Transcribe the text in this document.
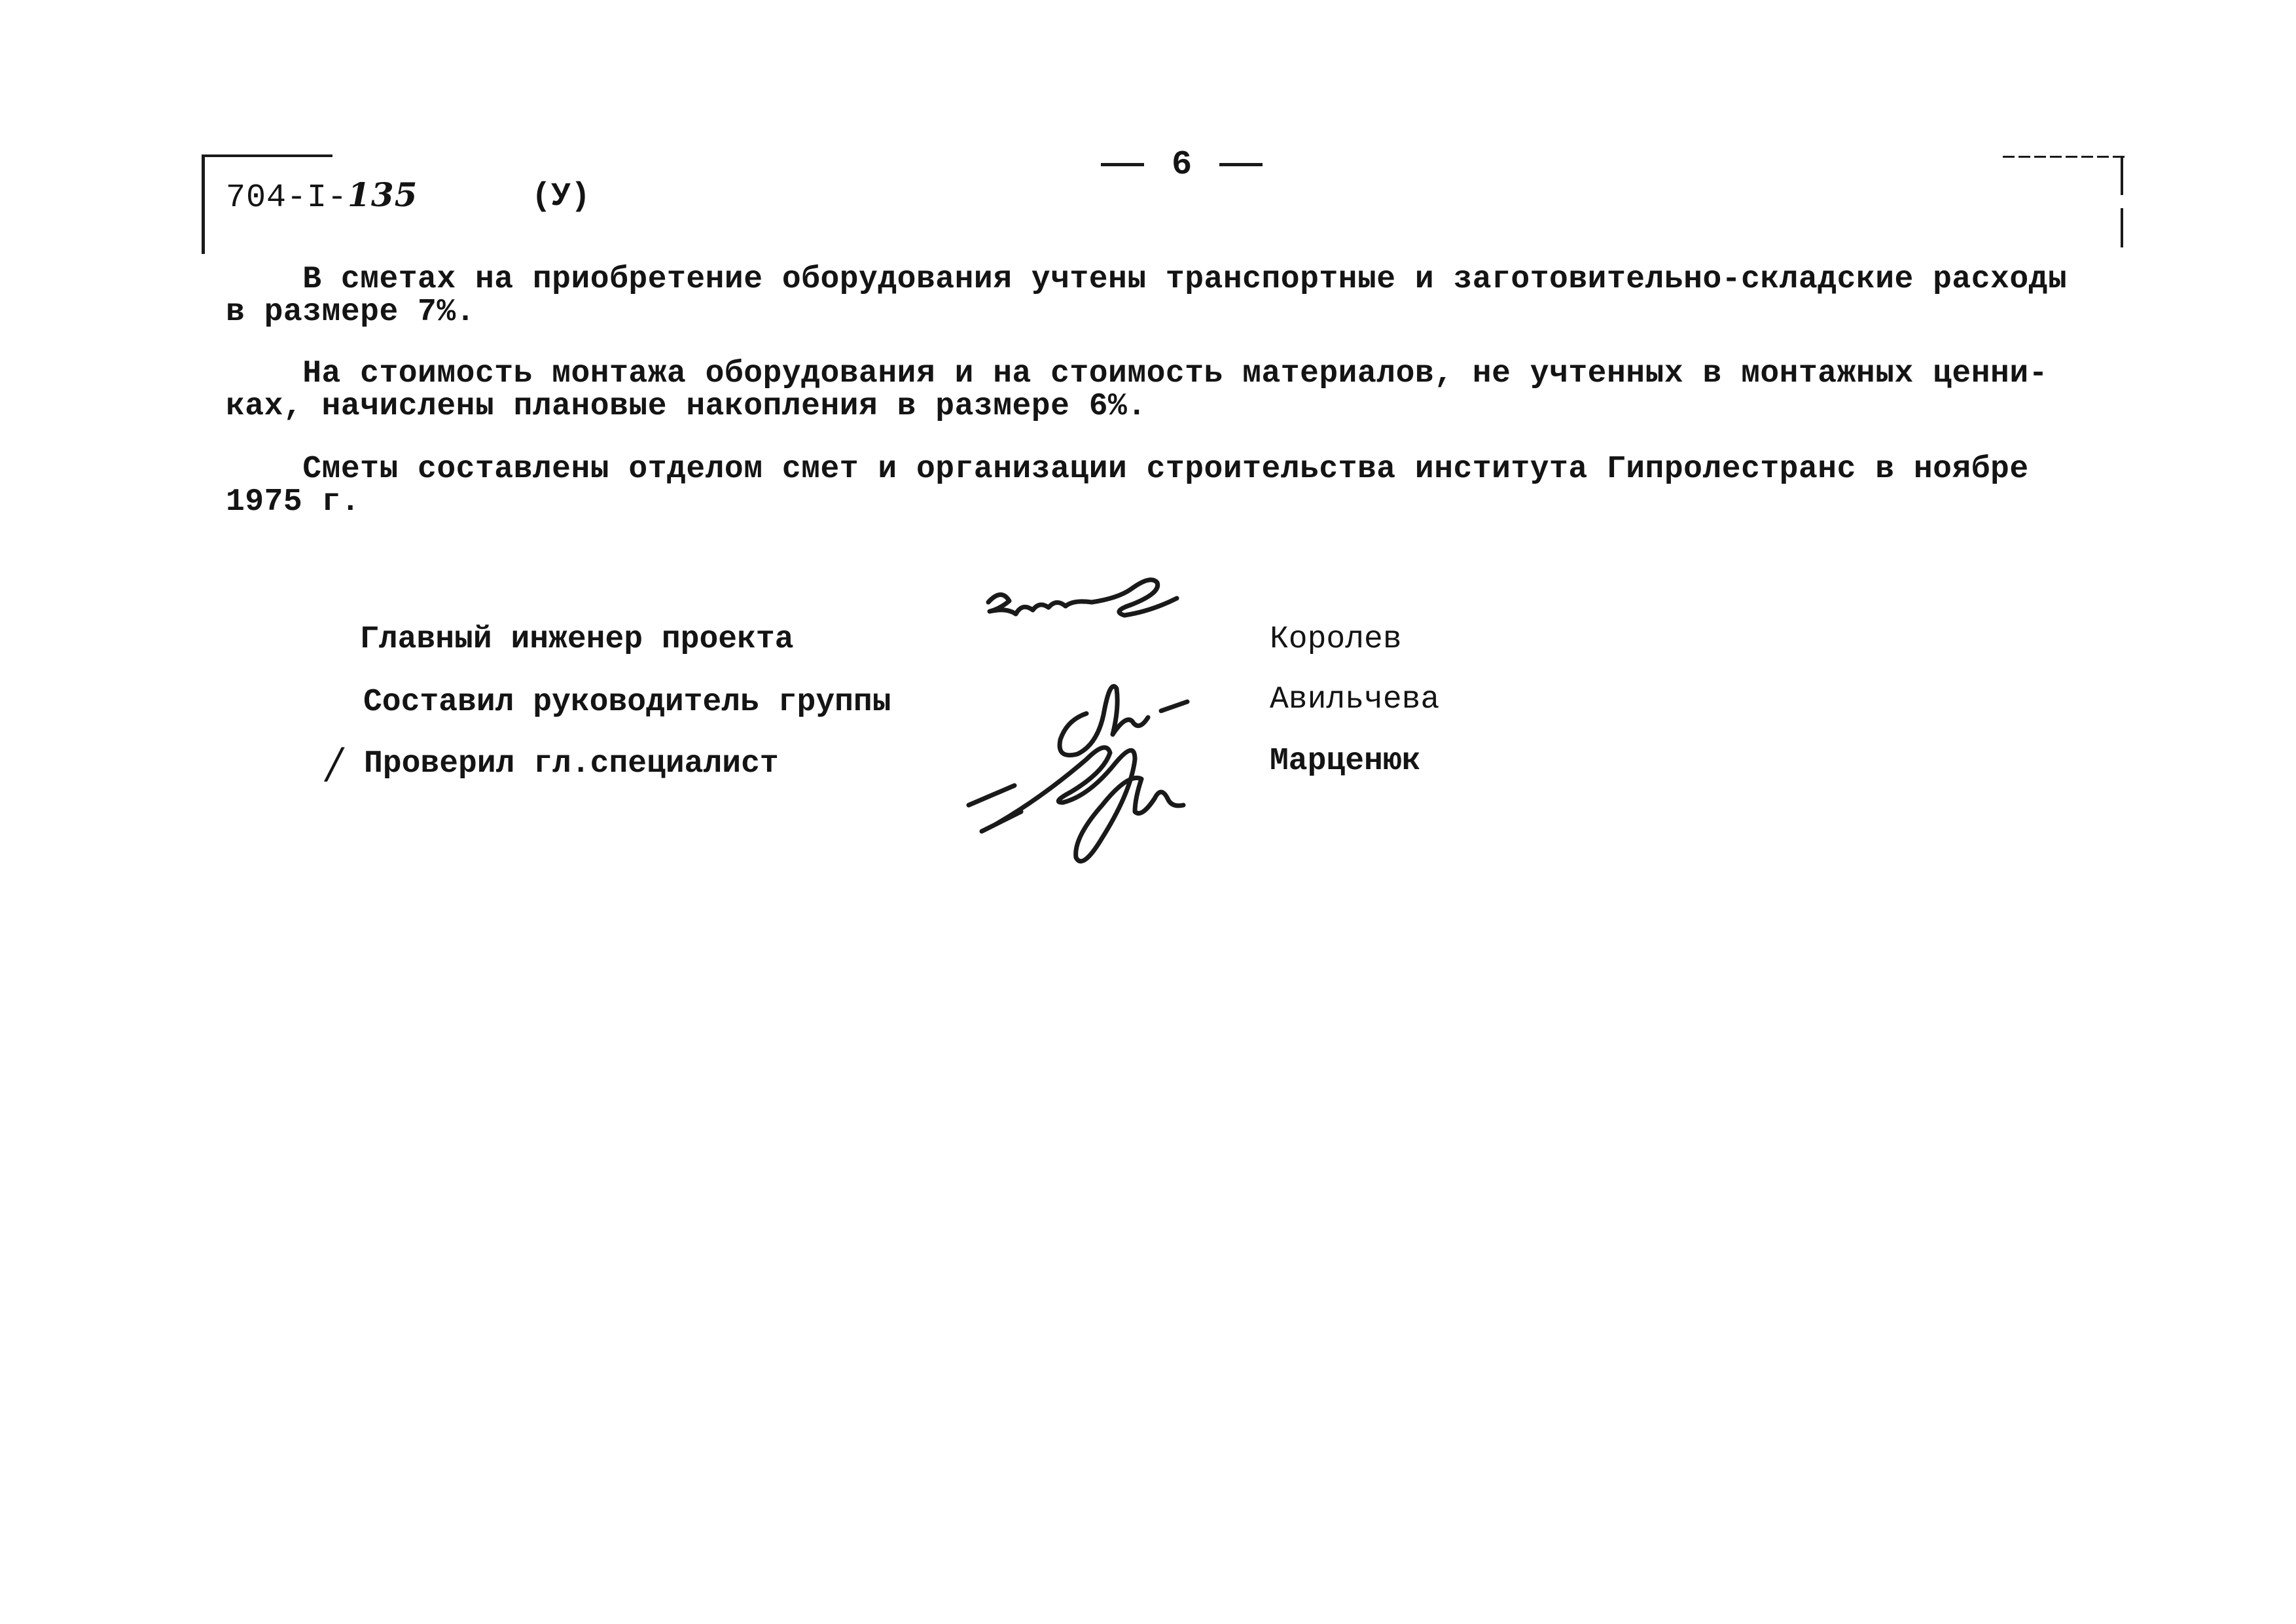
704-I-135	(У)
6
В сметах на приобретение оборудования учтены транспортные и заготовительно-складские расходы
в размере 7%.
На стоимость монтажа оборудования и на стоимость материалов, не учтенных в монтажных ценни-
ках, начислены плановые накопления в размере 6%.
Сметы составлены отделом смет и организации строительства института Гипролестранс в ноябре
1975 г.
Главный инженер проекта
Составил руководитель группы
/ Проверил гл.специалист
Королев
Авильчева
Марценюк
